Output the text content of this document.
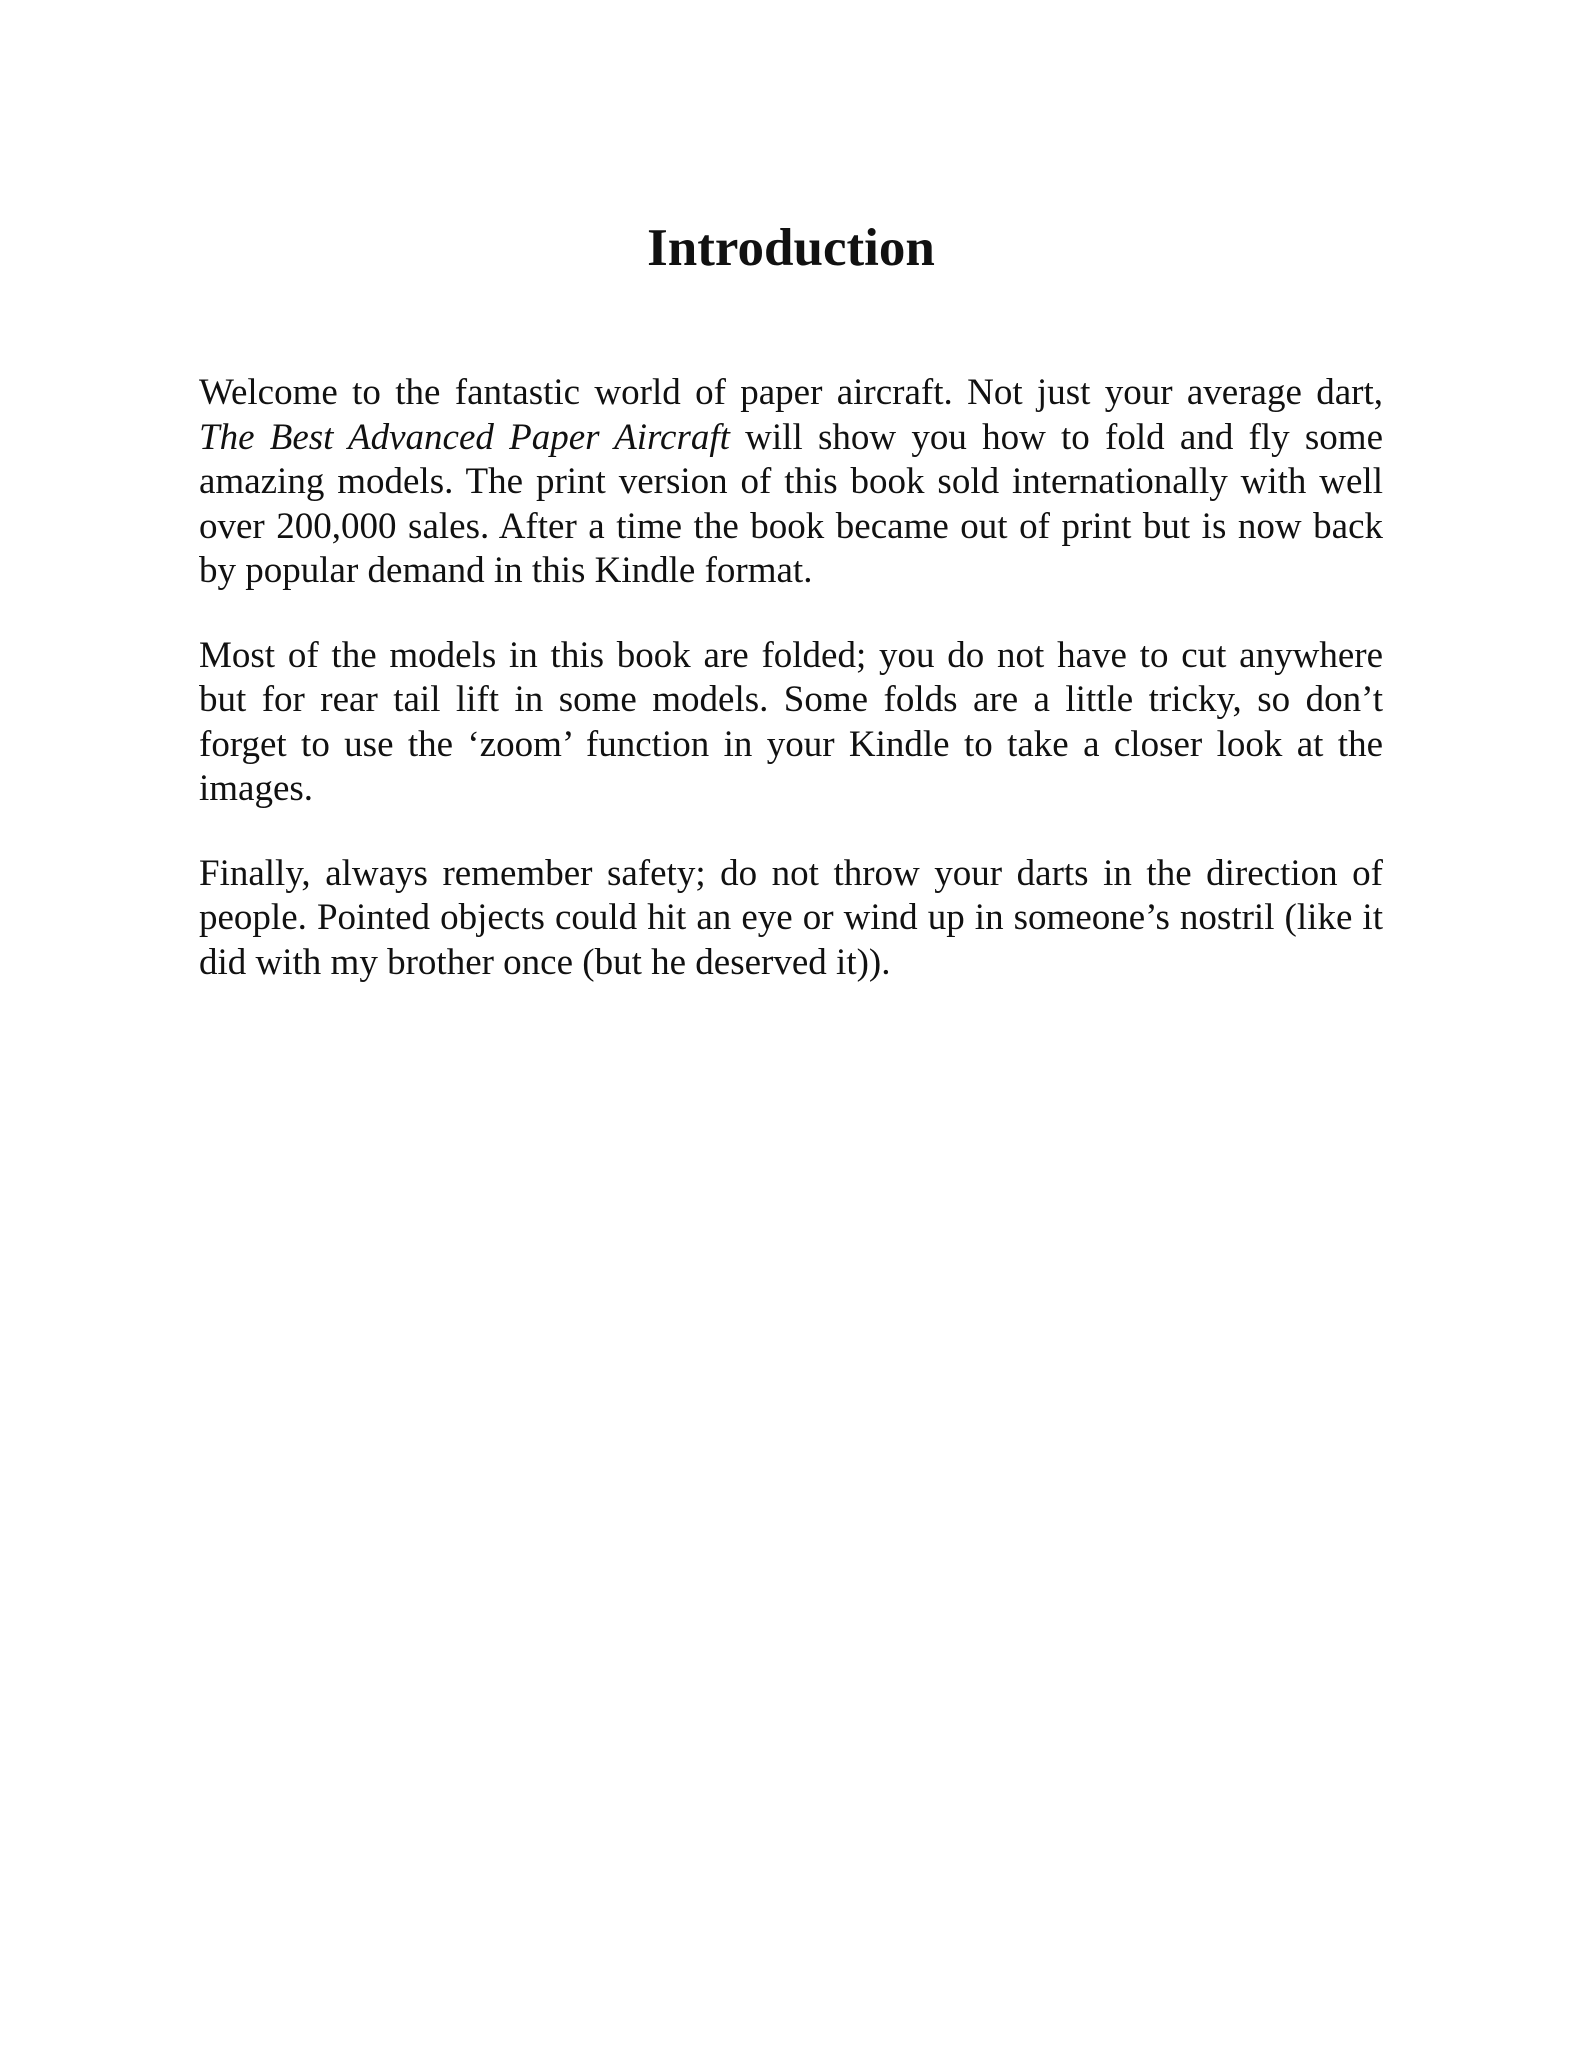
Introduction

Welcome to the fantastic world of paper aircraft. Not just your average dart, The Best Advanced Paper Aircraft will show you how to fold and fly some amazing models. The print version of this book sold internationally with well over 200,000 sales. After a time the book became out of print but is now back by popular demand in this Kindle format.

Most of the models in this book are folded; you do not have to cut anywhere but for rear tail lift in some models. Some folds are a little tricky, so don’t forget to use the ‘zoom’ function in your Kindle to take a closer look at the images.

Finally, always remember safety; do not throw your darts in the direction of people. Pointed objects could hit an eye or wind up in someone’s nostril (like it did with my brother once (but he deserved it)).
